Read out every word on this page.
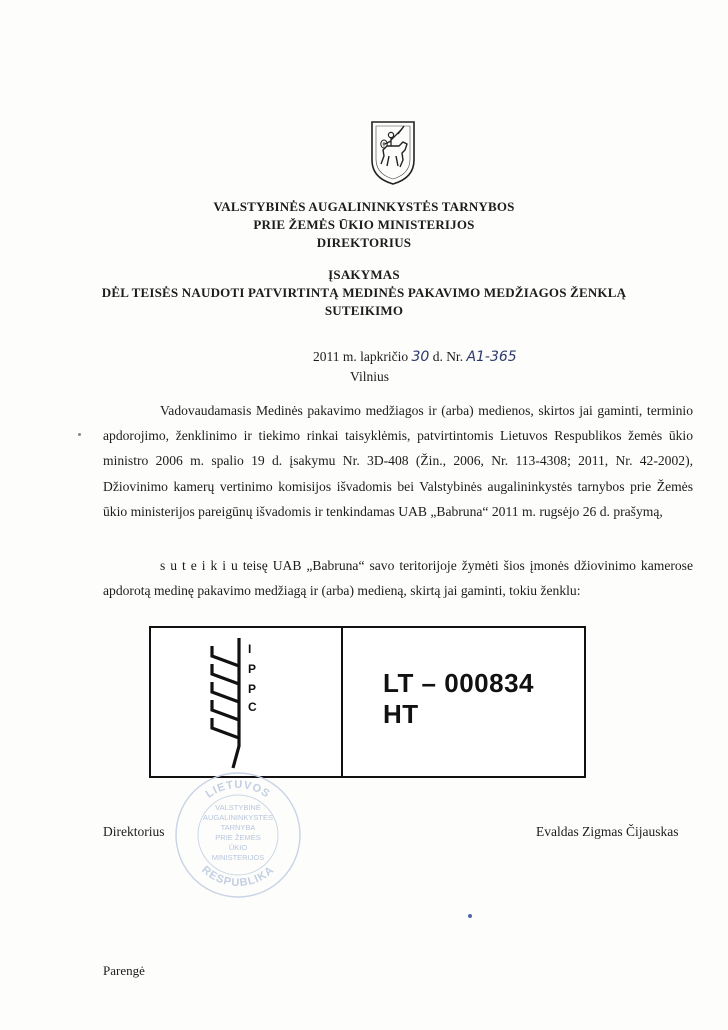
VALSTYBINĖS AUGALININKYSTĖS TARNYBOS
PRIE ŽEMĖS ŪKIO MINISTERIJOS
DIREKTORIUS
ĮSAKYMAS
DĖL TEISĖS NAUDOTI PATVIRTINTĄ MEDINĖS PAKAVIMO MEDŽIAGOS ŽENKLĄ
SUTEIKIMO
2011 m. lapkričio 30 d. Nr. A1-365
Vilnius
Vadovaudamasis Medinės pakavimo medžiagos ir (arba) medienos, skirtos jai gaminti, terminio apdorojimo, ženklinimo ir tiekimo rinkai taisyklėmis, patvirtintomis Lietuvos Respublikos žemės ūkio ministro 2006 m. spalio 19 d. įsakymu Nr. 3D-408 (Žin., 2006, Nr. 113-4308; 2011, Nr. 42-2002), Džiovinimo kamerų vertinimo komisijos išvadomis bei Valstybinės augalininkystės tarnybos prie Žemės ūkio ministerijos pareigūnų išvadomis ir tenkindamas UAB „Babruna“ 2011 m. rugsėjo 26 d. prašymą,
s u t e i k i u teisę UAB „Babruna“ savo teritorijoje žymėti šios įmonės džiovinimo kamerose apdorotą medinę pakavimo medžiagą ir (arba) medieną, skirtą jai gaminti, tokiu ženklu:
I
P
P
C
LT – 000834
HT
LIETUVOS
RESPUBLIKA
VALSTYBINĖ
AUGALININKYSTĖS
TARNYBA
PRIE ŽEMĖS
ŪKIO
MINISTERIJOS
Direktorius	Evaldas Zigmas Čijauskas
Parengė
